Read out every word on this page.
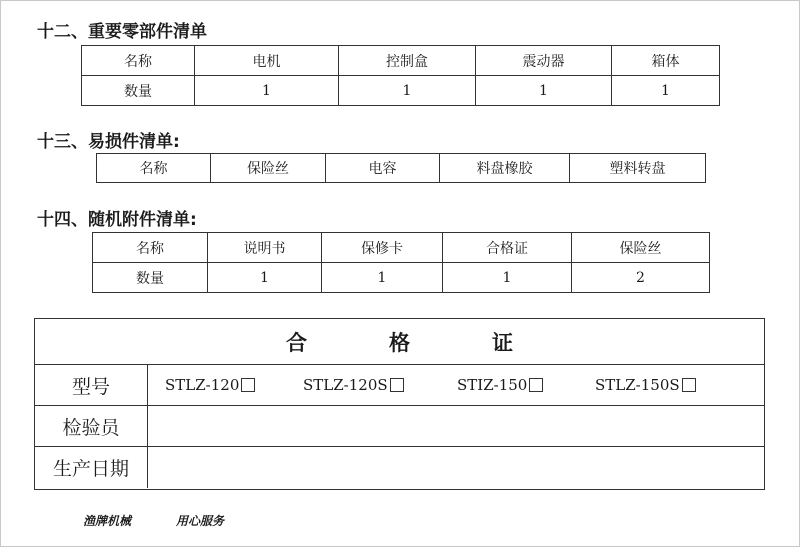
十二、重要零部件清单
名称	电机	控制盒	震动器	箱体
数量	1	1	1	1
十三、易损件清单:
名称	保险丝	电容	料盘橡胶	塑料转盘
十四、随机附件清单:
名称	说明书	保修卡	合格证	保险丝
数量	1	1	1	2
合格证
型号	STLZ-120	STLZ-120S	STIZ-150	STLZ-150S
检验员
生产日期
渔牌机械	用心服务
